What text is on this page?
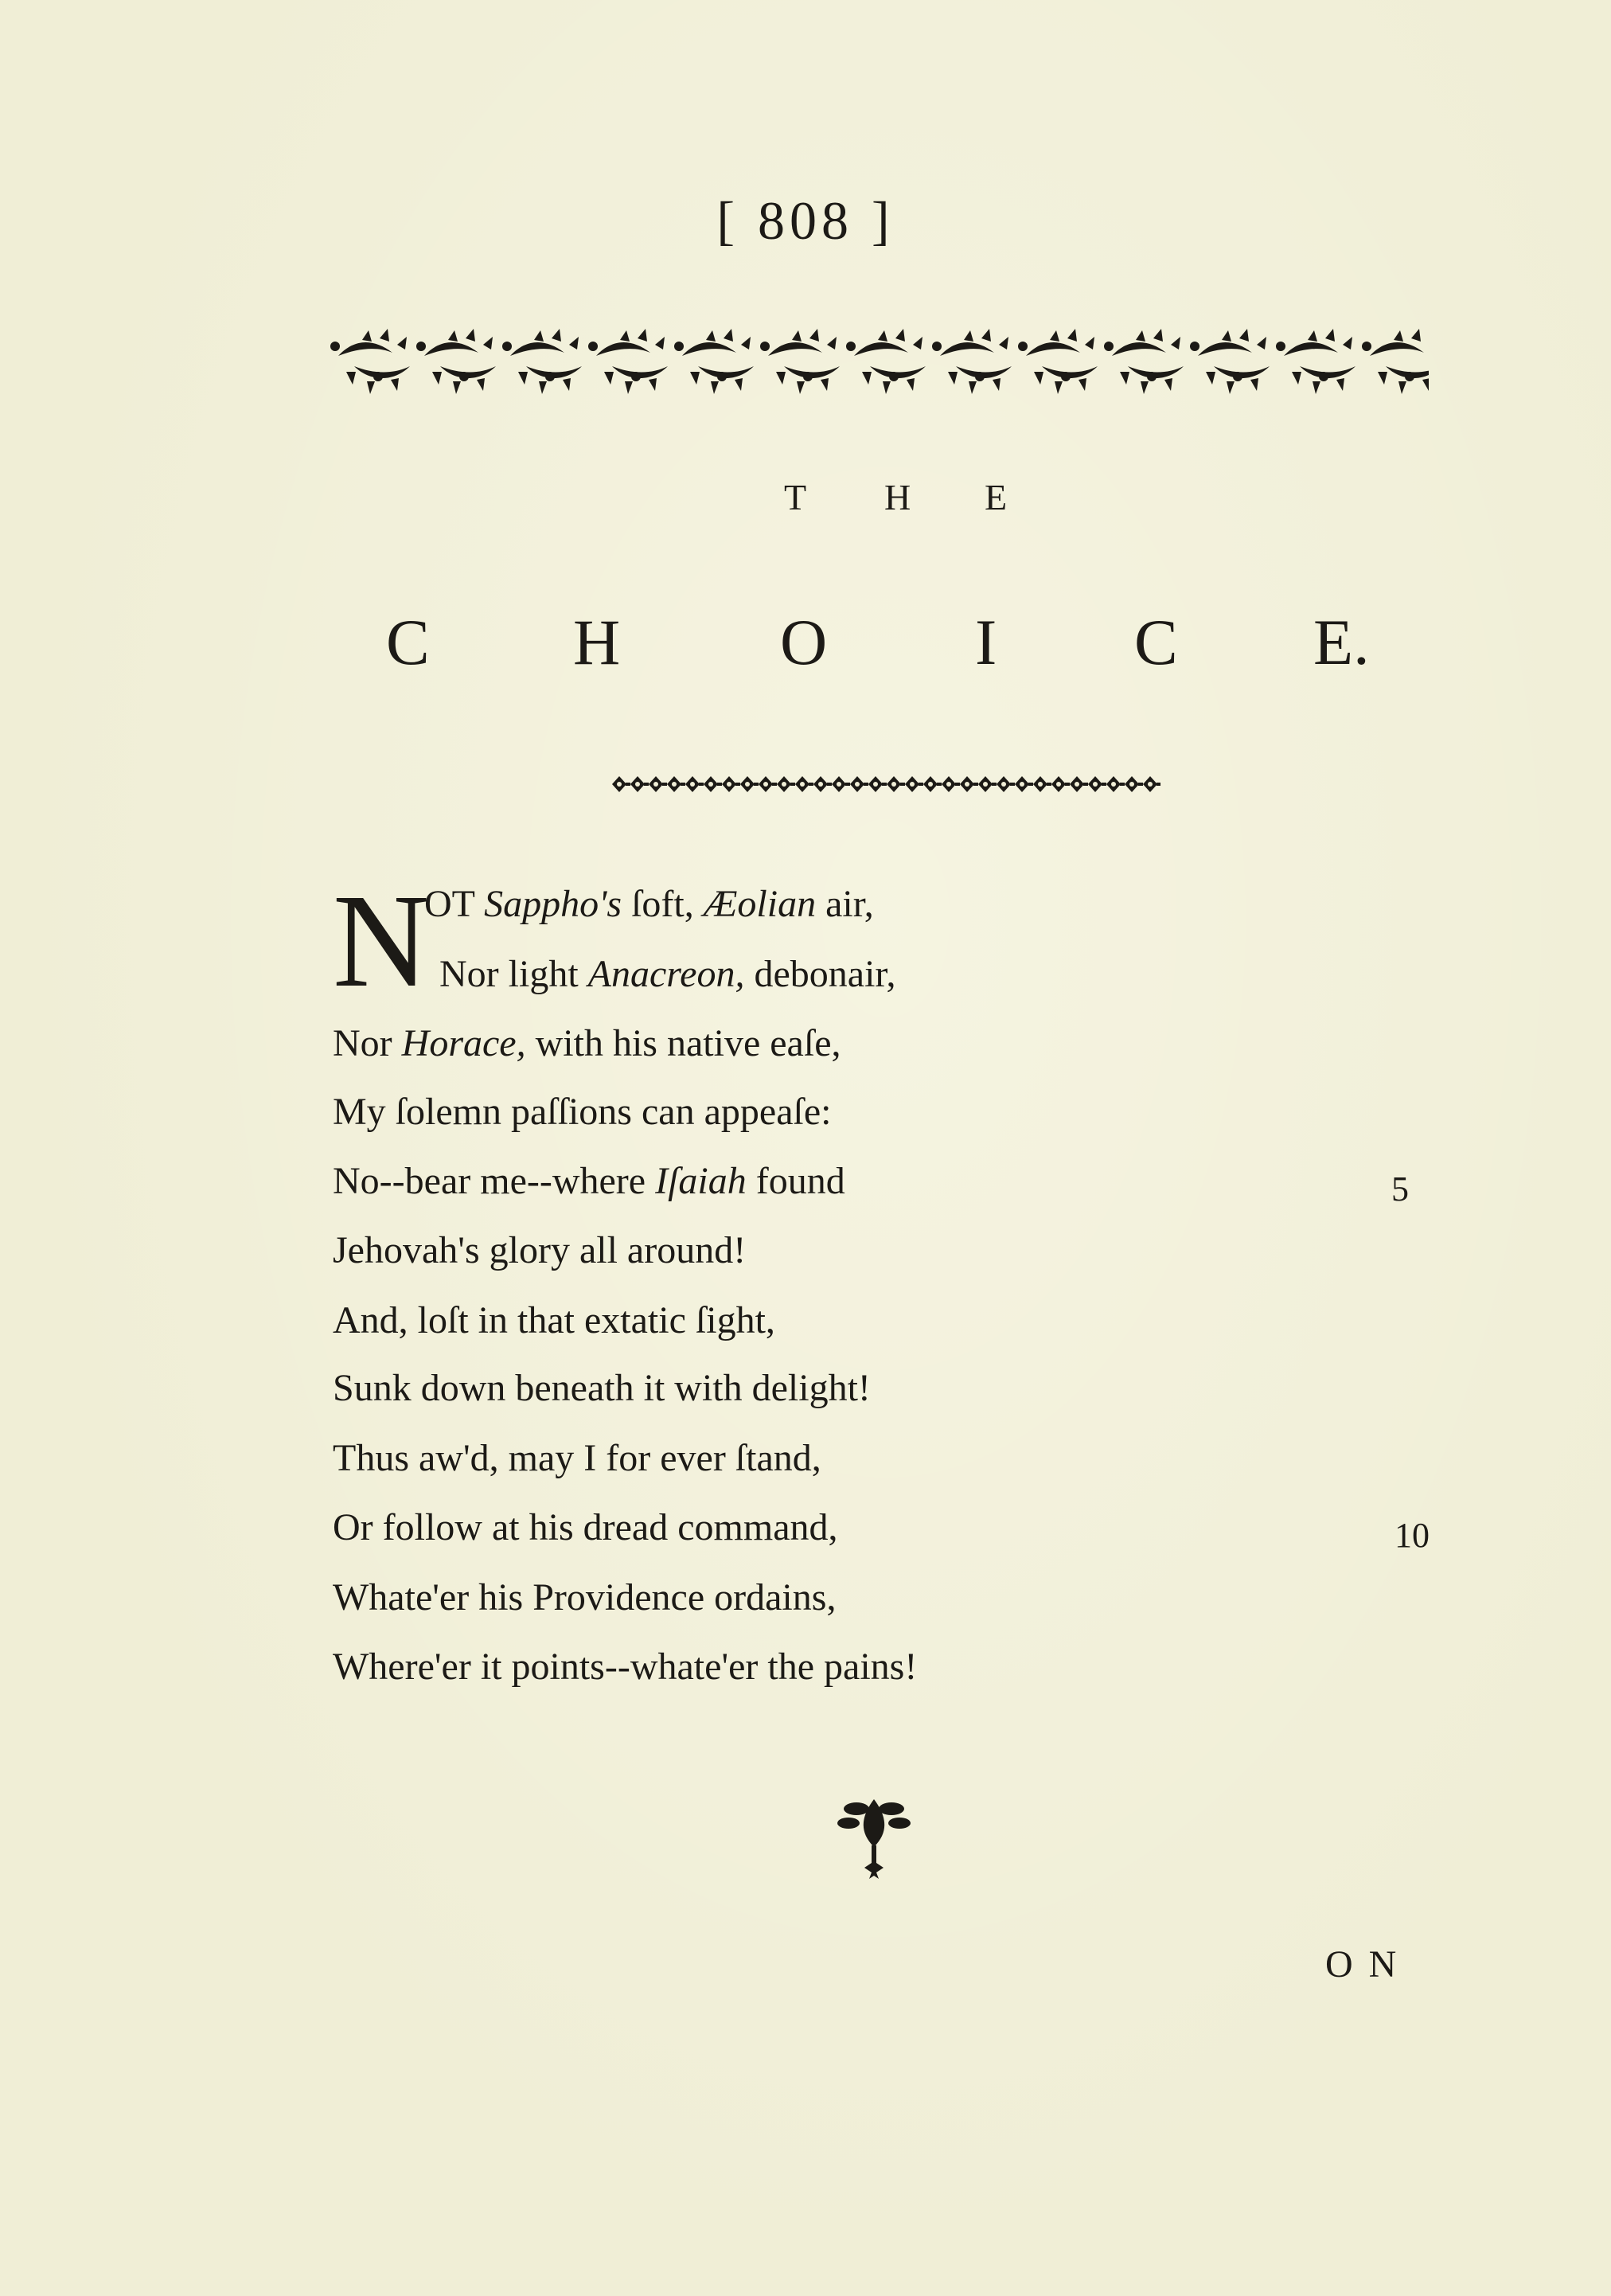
[ 808 ]
T H E
C H O I C E.
N
OT Sappho's ſoft, Æolian air,
Nor light Anacreon, debonair,
Nor Horace, with his native eaſe,
My ſolemn paſſions can appeaſe:
No--bear me--where Iſaiah found
Jehovah's glory all around!
And, loſt in that extatic ſight,
Sunk down beneath it with delight!
Thus aw'd, may I for ever ſtand,
Or follow at his dread command,
Whate'er his Providence ordains,
Where'er it points--whate'er the pains!
5
10
ON
